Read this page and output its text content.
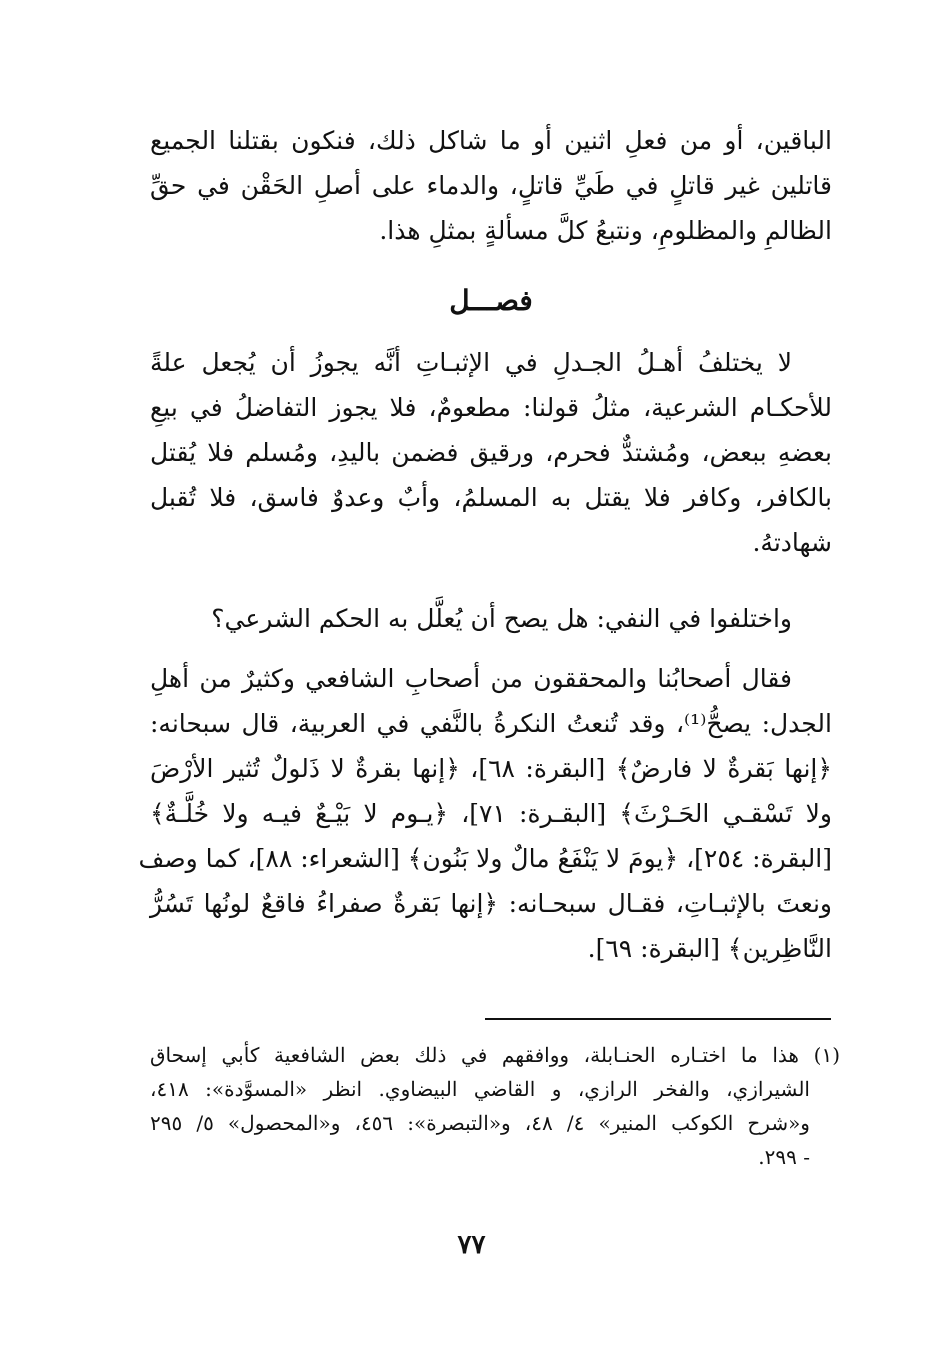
الباقين، أو من فعلِ اثنين أو ما شاكل ذلك، فنكون بقتلنا الجميع
قاتلين غير قاتلٍ في طَيِّ قاتلٍ، والدماء على أصلِ الحَقْن في حقِّ
الظالمِ والمظلومِ، ونتبعُ كلَّ مسألةٍ بمثلِ هذا.
فصـــل
لا يختلفُ أهـلُ الجـدلِ في الإثبـاتِ أنَّه يجوزُ أن يُجعل علةً
للأحكـام الشرعية، مثلُ قولنا: مطعومٌ، فلا يجوز التفاضلُ في بيعِ
بعضهِ ببعض، ومُشتدٌّ فحرم، ورقيق فضمن باليدِ، ومُسلم فلا يُقتل
بالكافر، وكافر فلا يقتل به المسلمُ، وأبٌ وعدوٌ فاسق، فلا تُقبل
شهادتهُ.
واختلفوا في النفي: هل يصح أن يُعلَّل به الحكم الشرعي؟
فقال أصحابُنا والمحققون من أصحابِ الشافعي وكثيرٌ من أهلِ
الجدل: يصحُّ⁽¹⁾، وقد تُنعتُ النكرةُ بالنَّفي في العربية، قال سبحانه:
﴿إنها بَقرةٌ لا فارضٌ﴾ [البقرة: ٦٨]، ﴿إنها بقرةٌ لا ذَلولٌ تُثير الأرْضَ
ولا تَسْقـي الحَـرْثَ﴾ [البقـرة: ٧١]، ﴿يـوم لا بَيْـعٌ فيـه ولا خُلَّـةٌ﴾
[البقرة: ٢٥٤]، ﴿يومَ لا يَنْفَعُ مالٌ ولا بَنُون﴾ [الشعراء: ٨٨]، كما وصف
ونعتَ بالإثبـاتِ، فقـال سبحـانه: ﴿إنها بَقرةٌ صفراءُ فاقعٌ لونُها تَسُرُّ
النَّاظِرين﴾ [البقرة: ٦٩].
(١) هذا ما اختـاره الحنـابلة، ووافقهم في ذلك بعض الشافعية كأبي إسحاق
الشيرازي، والفخر الرازي، و القاضي البيضاوي. انظر «المسوَّدة»: ٤١٨،
و«شرح الكوكب المنير» ٤/ ٤٨، و«التبصرة»: ٤٥٦، و«المحصول» ٥/ ٢٩٥
- ٢٩٩.
٧٧
